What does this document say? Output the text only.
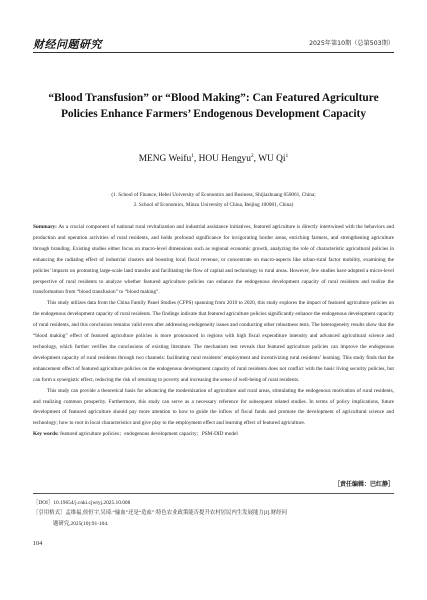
财经问题研究	2025年第10期（总第503期）
“Blood Transfusion” or “Blood Making”: Can Featured Agriculture
Policies Enhance Farmers’ Endogenous Development Capacity
MENG Weifu$^1$, HOU Hengyu$^2$, WU Qi$^1$
(1. School of Finance, Hebei University of Economics and Business, Shijiazhuang 050061, China;
2. School of Economics, Minzu University of China, Beijing 100081, China)

Summary: As a crucial component of national rural revitalization and industrial assistance initiatives, featured agriculture is directly intertwined with the behaviors and production and operation activities of rural residents, and holds profound significance for invigorating border areas, enriching farmers, and strengthening agriculture through branding. Existing studies either focus on macro-level dimensions such as regional economic growth, analyzing the role of characteristic agricultural policies in enhancing the radiating effect of industrial clusters and boosting local fiscal revenue, or concentrate on macro-aspects like urban-rural factor mobility, examining the policies’ impacts on promoting large-scale land transfer and facilitating the flow of capital and technology to rural areas. However, few studies have adopted a micro-level perspective of rural residents to analyze whether featured agriculture policies can enhance the endogenous development capacity of rural residents and realize the transformation from “blood transfusion” to “blood making”.

This study utilizes data from the China Family Panel Studies (CFPS) spanning from 2010 to 2020, this study explores the impact of featured agriculture policies on the endogenous development capacity of rural residents. The findings indicate that featured agriculture policies significantly enhance the endogenous development capacity of rural residents, and this conclusion remains valid even after addressing endogeneity issues and conducting other robustness tests. The heterogeneity results show that the “blood making” effect of featured agriculture policies is more pronounced in regions with high fiscal expenditure intensity and advanced agricultural science and technology, which further verifies the conclusions of existing literature. The mechanism test reveals that featured agriculture policies can improve the endogenous development capacity of rural residents through two channels: facilitating rural residents’ employment and incentivizing rural residents’ learning. This study finds that the enhancement effect of featured agriculture policies on the endogenous development capacity of rural residents does not conflict with the basic living security policies, but can form a synergistic effect, reducing the risk of returning to poverty and increasing the sense of well-being of rural residents.

This study can provide a theoretical basis for advancing the modernization of agriculture and rural areas, stimulating the endogenous motivation of rural residents, and realizing common prosperity. Furthermore, this study can serve as a necessary reference for subsequent related studies. In terms of policy implications, future development of featured agriculture should pay more attention to how to guide the inflow of fiscal funds and promote the development of agricultural science and technology; how to root in local characteristics and give play to the employment effect and learning effect of featured agriculture.

Key words: featured agriculture policies；endogenous development capacity；PSM-DID model

［责任编辑：巴红静］
［DOI］10.19654/j.cnki.cjwtyj.2025.10.008
［引用格式］孟维福,侯恒宇,吴琦.“输血”还是“造血”:特色农业政策能否提升农村居民内生发展能力[J].财经问
题研究,2025(10):91-104.
104
